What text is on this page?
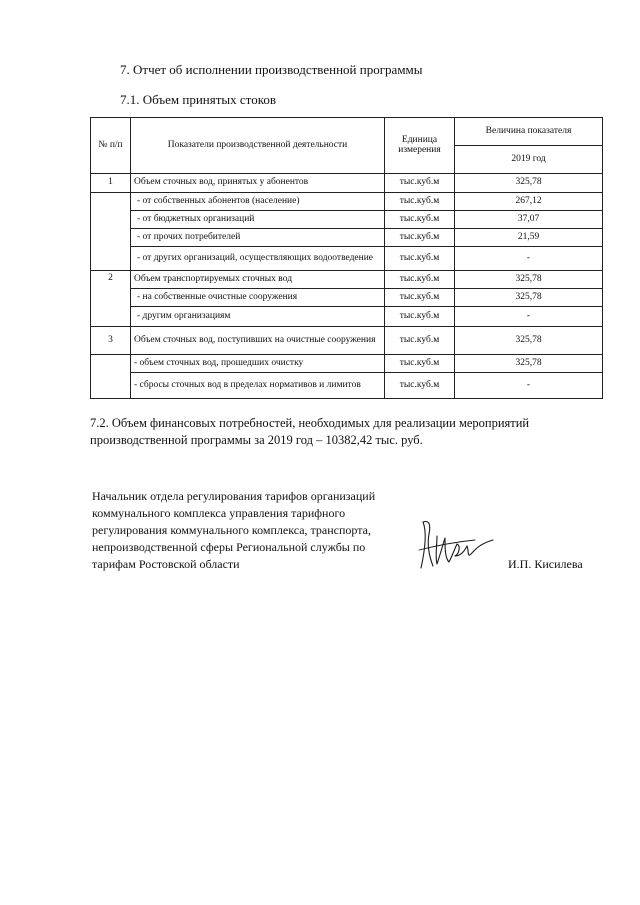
7. Отчет об исполнении производственной программы
7.1. Объем принятых стоков
№ п/п	Показатели производственной деятельности	Единица измерения	Величина показателя
			2019 год
1	Объем сточных вод, принятых у абонентов	тыс.куб.м	325,78
	- от собственных абонентов (население)	тыс.куб.м	267,12
	- от бюджетных организаций	тыс.куб.м	37,07
	- от прочих потребителей	тыс.куб.м	21,59
	- от других организаций, осуществляющих водоотведение	тыс.куб.м	-
2	Объем транспортируемых сточных вод	тыс.куб.м	325,78
	- на собственные очистные сооружения	тыс.куб.м	325,78
	- другим организациям	тыс.куб.м	-
3	Объем сточных вод, поступивших на очистные сооружения	тыс.куб.м	325,78
	- объем сточных вод, прошедших очистку	тыс.куб.м	325,78
	- сбросы сточных вод в пределах нормативов и лимитов	тыс.куб.м	-
7.2. Объем финансовых потребностей, необходимых для реализации мероприятий
производственной программы за 2019 год – 10382,42 тыс. руб.
Начальник отдела регулирования тарифов организаций
коммунального комплекса управления тарифного
регулирования коммунального комплекса, транспорта,
непроизводственной сферы Региональной службы по
тарифам Ростовской области	И.П. Кисилева
